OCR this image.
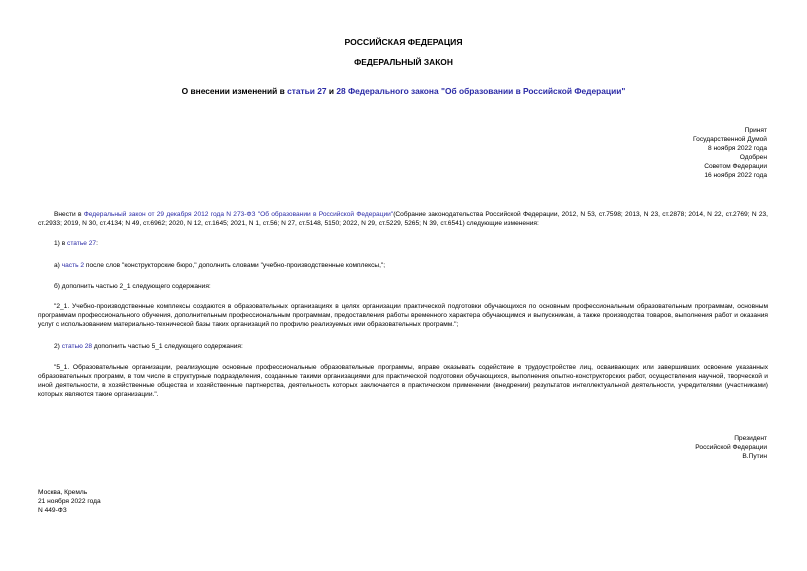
РОССИЙСКАЯ ФЕДЕРАЦИЯ
ФЕДЕРАЛЬНЫЙ ЗАКОН
О внесении изменений в статьи 27 и 28 Федерального закона "Об образовании в Российской Федерации"
Принят
Государственной Думой
8 ноября 2022 года
Одобрен
Советом Федерации
16 ноября 2022 года
Внести в Федеральный закон от 29 декабря 2012 года N 273-ФЗ "Об образовании в Российской Федерации"(Собрание законодательства Российской Федерации, 2012, N 53, ст.7598; 2013, N 23, ст.2878; 2014, N 22, ст.2769; N 23, ст.2933; 2019, N 30, ст.4134; N 49, ст.6962; 2020, N 12, ст.1645; 2021, N 1, ст.56; N 27, ст.5148, 5150; 2022, N 29, ст.5229, 5265; N 39, ст.6541) следующие изменения:
1) в статье 27:
а) часть 2 после слов "конструкторские бюро," дополнить словами "учебно-производственные комплексы,";
б) дополнить частью 2_1 следующего содержания:
"2_1. Учебно-производственные комплексы создаются в образовательных организациях в целях организации практической подготовки обучающихся по основным профессиональным образовательным программам, основным программам профессионального обучения, дополнительным профессиональным программам, предоставления работы временного характера обучающимся и выпускникам, а также производства товаров, выполнения работ и оказания услуг с использованием материально-технической базы таких организаций по профилю реализуемых ими образовательных программ.";
2) статью 28 дополнить частью 5_1 следующего содержания:
"5_1. Образовательные организации, реализующие основные профессиональные образовательные программы, вправе оказывать содействие в трудоустройстве лиц, осваивающих или завершивших освоение указанных образовательных программ, в том числе в структурные подразделения, созданные такими организациями для практической подготовки обучающихся, выполнения опытно-конструкторских работ, осуществления научной, творческой и иной деятельности, в хозяйственные общества и хозяйственные партнерства, деятельность которых заключается в практическом применении (внедрении) результатов интеллектуальной деятельности, учредителями (участниками) которых являются такие организации.".
Президент
Российской Федерации
В.Путин
Москва, Кремль
21 ноября 2022 года
N 449-ФЗ
